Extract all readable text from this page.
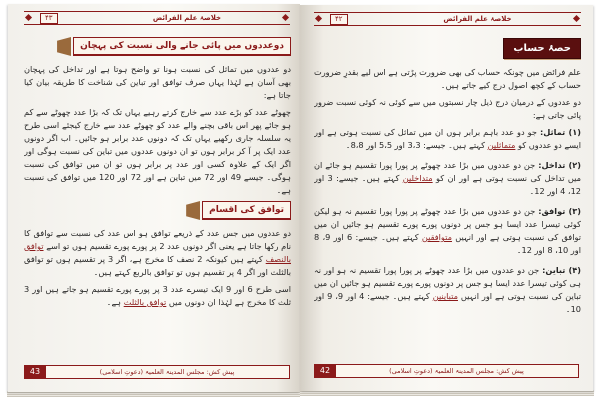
۴۳	خلاصۂ علم الفرائض
دوعددوں میں پائی جانے والی نسبت کی پہچان

دو عددوں میں تماثل کی نسبت ہونا تو واضح ہوتا ہے اور تداخل کی پہچان بھی آسان ہے لہٰذا یہاں صرف توافق اور تباین کی شناخت کا طریقہ بیان کیا جاتا ہے:

چھوٹے عدد کو بڑے عدد سے خارج کرتے رہیے یہاں تک کہ بڑا عدد چھوٹے سے کم ہو جائے پھر اس باقی بچنے والے عدد کو چھوٹے عدد سے خارج کیجئے اسی طرح یہ سلسلہ جاری رکھیے یہاں تک کہ دونوں عدد برابر ہو جائیں۔ اب اگر دونوں عدد ایک پر آ کر برابر ہوں تو ان دونوں عددوں میں تباین کی نسبت ہوگی اور اگر ایک کے علاوہ کسی اور عدد پر برابر ہوں تو ان میں توافق کی نسبت ہوگی۔ جیسے 49 اور 72 میں تباین ہے اور 72 اور 120 میں توافق کی نسبت ہے۔

توافق کی اقسام

دو عددوں میں جس عدد کے ذریعے توافق ہو اس عدد کی نسبت سے توافق کا نام رکھا جاتا ہے یعنی اگر دونوں عدد 2 پر پورے پورے تقسیم ہوں تو اسے توافق بالنصف کہتے ہیں کیونکہ 2 نصف کا مخرج ہے، اگر 3 پر تقسیم ہوں تو توافق بالثلث اور اگر 4 پر تقسیم ہوں تو توافق بالربع کہتے ہیں۔

اسی طرح 6 اور 9 ایک تیسرے عدد 3 پر پورے پورے تقسیم ہو جاتے ہیں اور 3 ثلث کا مخرج ہے لہٰذا ان دونوں میں توافق بالثلث ہے۔

43	پیش کش: مجلس المدینۃ العلمیۃ (دعوتِ اسلامی)
۴۲	خلاصۂ علم الفرائض
حصۂ حساب

علم فرائض میں چونکہ حساب کی بھی ضرورت پڑتی ہے اس لیے بقدرِ ضرورت حساب کے کچھ اصول درج کیے جاتے ہیں۔

دو عددوں کے درمیان درج ذیل چار نسبتوں میں سے کوئی نہ کوئی نسبت ضرور پائی جاتی ہے:

(۱) تماثل: جو دو عدد باہم برابر ہوں ان میں تماثل کی نسبت ہوتی ہے اور ایسے دو عددوں کو متماثلین کہتے ہیں۔ جیسے: 3،3 اور 5،5 اور 8،8۔

(۲) تداخل: جن دو عددوں میں بڑا عدد چھوٹے پر پورا پورا تقسیم ہو جائے ان میں تداخل کی نسبت ہوتی ہے اور ان کو متداخلین کہتے ہیں۔ جیسے: 3 اور 12، 4 اور 12۔

(۳) توافق: جن دو عددوں میں بڑا عدد چھوٹے پر پورا پورا تقسیم نہ ہو لیکن کوئی تیسرا عدد ایسا ہو جس پر دونوں پورے پورے تقسیم ہو جائیں ان میں توافق کی نسبت ہوتی ہے اور انہیں متوافقین کہتے ہیں۔ جیسے: 6 اور 9، 8 اور 10، 8 اور 12۔

(۴) تباین: جن دو عددوں میں بڑا عدد چھوٹے پر پورا پورا تقسیم نہ ہو اور نہ ہی کوئی تیسرا عدد ایسا ہو جس پر دونوں پورے پورے تقسیم ہو جائیں ان میں تباین کی نسبت ہوتی ہے اور انہیں متباینین کہتے ہیں۔ جیسے: 4 اور 9، 9 اور 10۔

42	پیش کش: مجلس المدینۃ العلمیۃ (دعوتِ اسلامی)
